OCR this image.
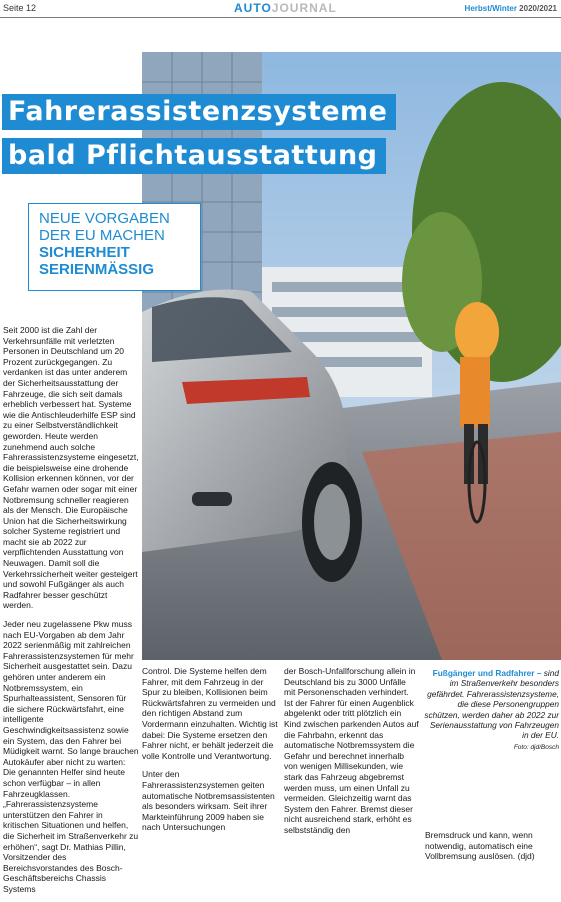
Seite 12	AUTOJOURNAL	Herbst/Winter 2020/2021
Fahrerassistenzsysteme
bald Pflichtausstattung
NEUE VORGABEN
DER EU MACHEN
SICHERHEIT
SERIENMÄSSIG

Seit 2000 ist die Zahl der Verkehrsunfälle mit verletzten Personen in Deutschland um 20 Prozent zurückgegangen. Zu verdanken ist das unter anderem der Sicherheitsausstattung der Fahrzeuge, die sich seit damals erheblich verbessert hat. Systeme wie die Antischleuderhilfe ESP sind zu einer Selbstverständlichkeit geworden. Heute werden zunehmend auch solche Fahrerassistenzsysteme eingesetzt, die beispielsweise eine drohende Kollision erkennen können, vor der Gefahr warnen oder sogar mit einer Notbremsung schneller reagieren als der Mensch. Die Europäische Union hat die Sicherheitswirkung solcher Systeme registriert und macht sie ab 2022 zur verpflichtenden Ausstattung von Neuwagen. Damit soll die Verkehrssicherheit weiter gesteigert und sowohl Fußgänger als auch Radfahrer besser geschützt werden.

Jeder neu zugelassene Pkw muss nach EU-Vorgaben ab dem Jahr 2022 serienmäßig mit zahlreichen Fahrerassistenzsystemen für mehr Sicherheit ausgestattet sein. Dazu gehören unter anderem ein Notbremssystem, ein Spurhalteassistent, Sensoren für die sichere Rückwärtsfahrt, eine intelligente Geschwindigkeitsassistenz sowie ein System, das den Fahrer bei Müdigkeit warnt. So lange brauchen Autokäufer aber nicht zu warten: Die genannten Helfer sind heute schon verfügbar – in allen Fahrzeugklassen. „Fahrerassistenzsysteme unterstützen den Fahrer in kritischen Situationen und helfen, die Sicherheit im Straßenverkehr zu erhöhen“, sagt Dr. Mathias Pillin, Vorsitzender des Bereichsvorstandes des Bosch-Geschäftsbereichs Chassis Systems

Control. Die Systeme helfen dem Fahrer, mit dem Fahrzeug in der Spur zu bleiben, Kollisionen beim Rückwärtsfahren zu vermeiden und den richtigen Abstand zum Vordermann einzuhalten. Wichtig ist dabei: Die Systeme ersetzen den Fahrer nicht, er behält jederzeit die volle Kontrolle und Verantwortung.

Unter den Fahrerassistenzsystemen geiten automatische Notbremsassistenten als besonders wirksam. Seit ihrer Markteinführung 2009 haben sie nach Untersuchungen

der Bosch-Unfallforschung allein in Deutschland bis zu 3000 Unfälle mit Personenschaden verhindert. Ist der Fahrer für einen Augenblick abgelenkt oder tritt plötzlich ein Kind zwischen parkenden Autos auf die Fahrbahn, erkennt das automatische Notbremssystem die Gefahr und berechnet innerhalb von wenigen Millisekunden, wie stark das Fahrzeug abgebremst werden muss, um einen Unfall zu vermeiden. Gleichzeitig warnt das System den Fahrer. Bremst dieser nicht ausreichend stark, erhöht es selbstständig den

Fußgänger und Radfahrer – sind im Straßenverkehr besonders gefährdet. Fahrerassistenzsysteme, die diese Personengruppen schützen, werden daher ab 2022 zur Serienausstattung von Fahrzeugen in der EU.
Foto: djd/Bosch

Bremsdruck und kann, wenn notwendig, automatisch eine Vollbremsung auslösen. (djd)
